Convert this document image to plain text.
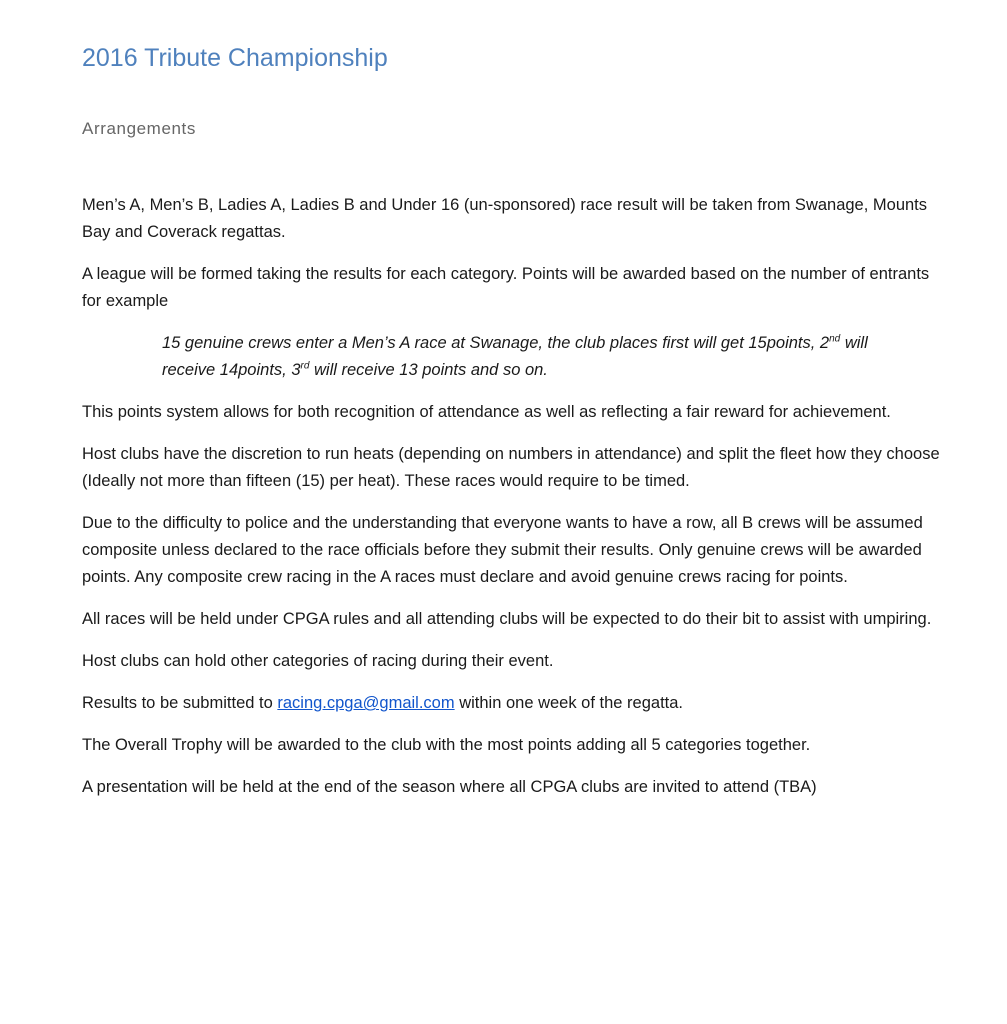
2016 Tribute Championship
Arrangements

Men’s A, Men’s B, Ladies A, Ladies B and Under 16 (un-sponsored) race result will be taken from Swanage, Mounts Bay and Coverack regattas.

A league will be formed taking the results for each category. Points will be awarded based on the number of entrants for example

15 genuine crews enter a Men’s A race at Swanage, the club places first will get 15points, 2nd will receive 14points, 3rd will receive 13 points and so on.

This points system allows for both recognition of attendance as well as reflecting a fair reward for achievement.

Host clubs have the discretion to run heats (depending on numbers in attendance) and split the fleet how they choose (Ideally not more than fifteen (15) per heat). These races would require to be timed.

Due to the difficulty to police and the understanding that everyone wants to have a row, all B crews will be assumed composite unless declared to the race officials before they submit their results. Only genuine crews will be awarded points. Any composite crew racing in the A races must declare and avoid genuine crews racing for points.

All races will be held under CPGA rules and all attending clubs will be expected to do their bit to assist with umpiring.

Host clubs can hold other categories of racing during their event.

Results to be submitted to racing.cpga@gmail.com within one week of the regatta.

The Overall Trophy will be awarded to the club with the most points adding all 5 categories together.

A presentation will be held at the end of the season where all CPGA clubs are invited to attend (TBA)
